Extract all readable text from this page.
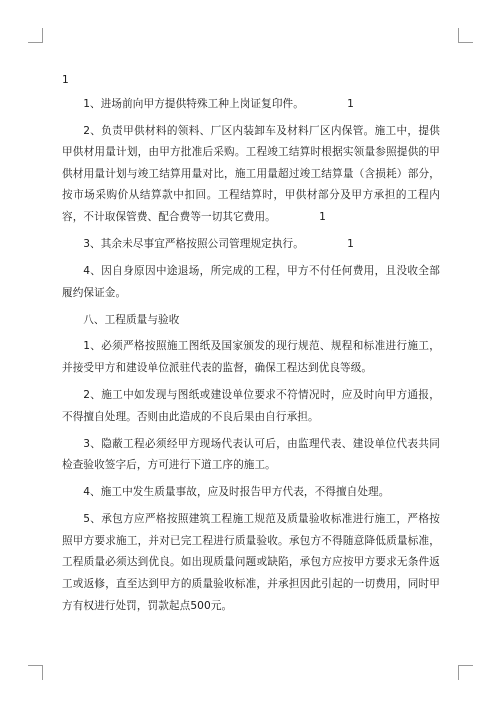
1

1、进场前向甲方提供特殊工种上岗证复印件。	1

2、负责甲供材料的领料、厂区内装卸车及材料厂区内保管。施工中，提供甲供材用量计划，由甲方批准后采购。工程竣工结算时根据实领量参照提供的甲供材用量计划与竣工结算用量对比，施工用量超过竣工结算量（含损耗）部分，按市场采购价从结算款中扣回。工程结算时，甲供材部分及甲方承担的工程内容，不计取保管费、配合费等一切其它费用。	1

3、其余未尽事宜严格按照公司管理规定执行。	1

4、因自身原因中途退场，所完成的工程，甲方不付任何费用，且没收全部履约保证金。

八、工程质量与验收

1、必须严格按照施工图纸及国家颁发的现行规范、规程和标准进行施工，并接受甲方和建设单位派驻代表的监督，确保工程达到优良等级。

2、施工中如发现与图纸或建设单位要求不符情况时，应及时向甲方通报，不得擅自处理。否则由此造成的不良后果由自行承担。

3、隐蔽工程必须经甲方现场代表认可后，由监理代表、建设单位代表共同检查验收签字后，方可进行下道工序的施工。

4、施工中发生质量事故，应及时报告甲方代表，不得擅自处理。

5、承包方应严格按照建筑工程施工规范及质量验收标准进行施工，严格按照甲方要求施工，并对已完工程进行质量验收。承包方不得随意降低质量标准，工程质量必须达到优良。如出现质量问题或缺陷，承包方应按甲方要求无条件返工或返修，直至达到甲方的质量验收标准，并承担因此引起的一切费用，同时甲方有权进行处罚，罚款起点500元。
